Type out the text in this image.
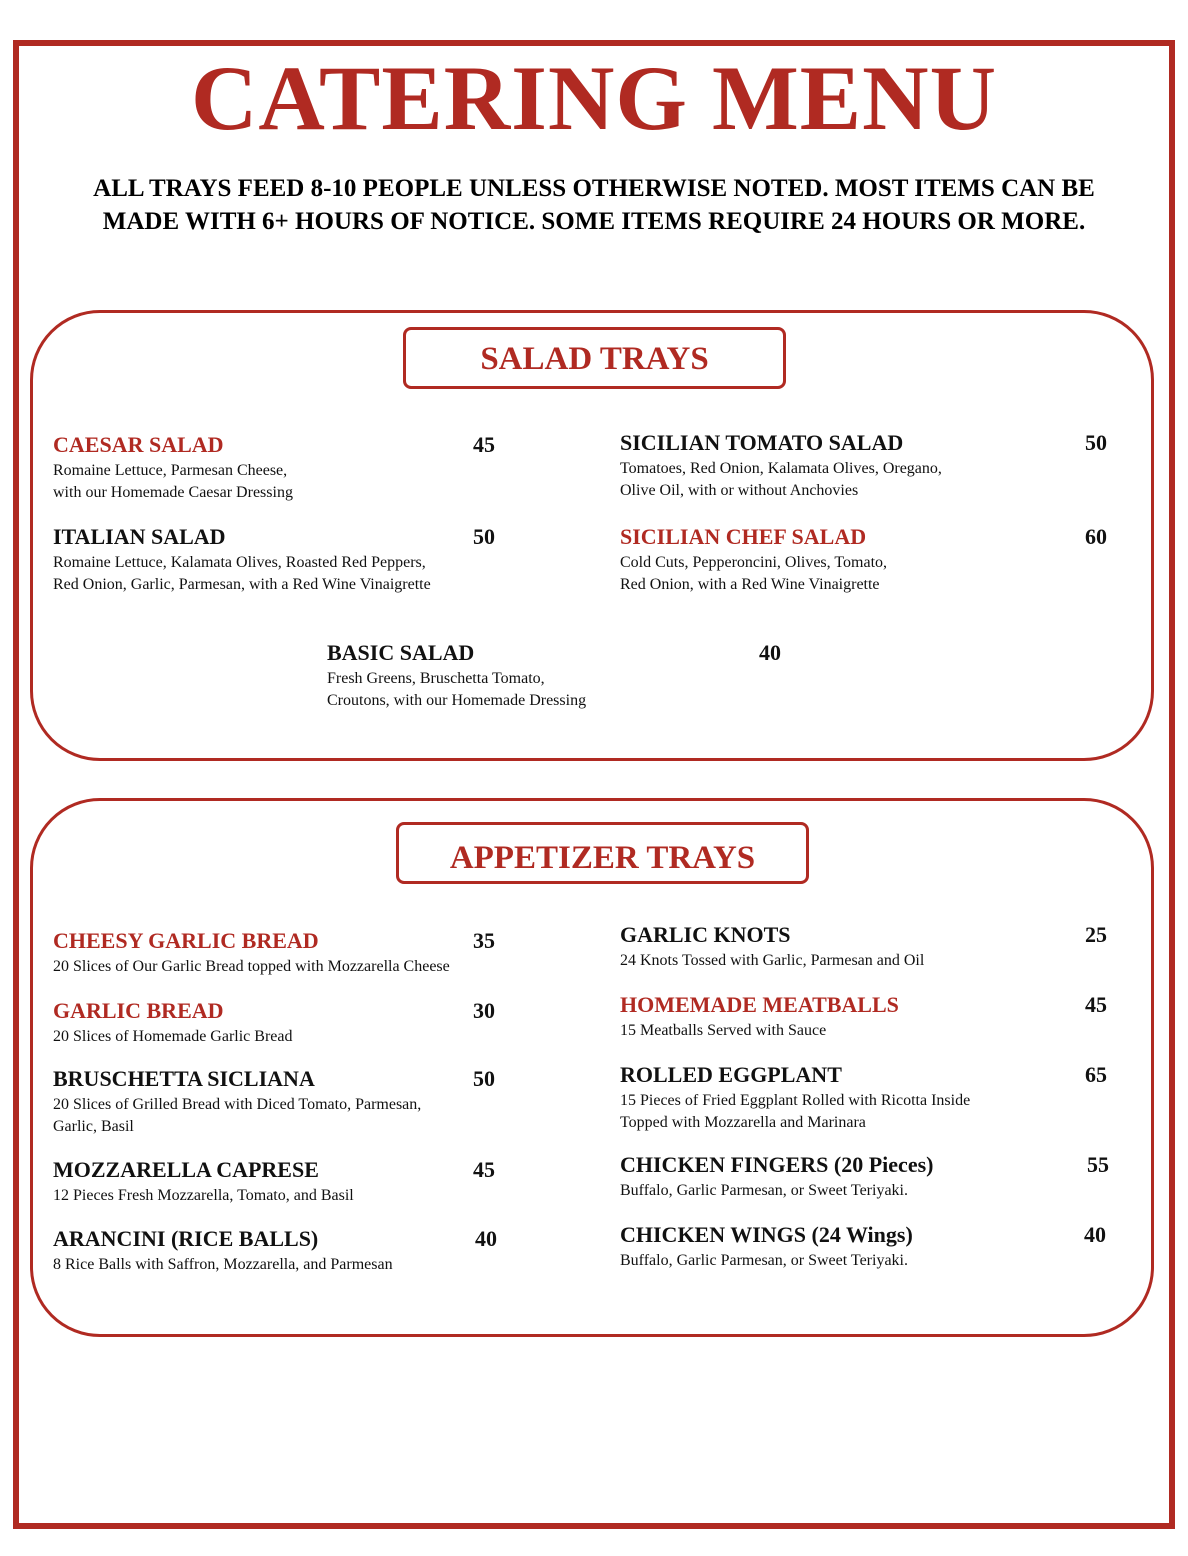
CATERING MENU

ALL TRAYS FEED 8-10 PEOPLE UNLESS OTHERWISE NOTED. MOST ITEMS CAN BE MADE WITH 6+ HOURS OF NOTICE. SOME ITEMS REQUIRE 24 HOURS OR MORE.

SALAD TRAYS
CAESAR SALAD	45
Romaine Lettuce, Parmesan Cheese,
with our Homemade Caesar Dressing
SICILIAN TOMATO SALAD	50
Tomatoes, Red Onion, Kalamata Olives, Oregano,
Olive Oil, with or without Anchovies
ITALIAN SALAD	50
Romaine Lettuce, Kalamata Olives, Roasted Red Peppers,
Red Onion, Garlic, Parmesan, with a Red Wine Vinaigrette
SICILIAN CHEF SALAD	60
Cold Cuts, Pepperoncini, Olives, Tomato,
Red Onion, with a Red Wine Vinaigrette
BASIC SALAD	40
Fresh Greens, Bruschetta Tomato,
Croutons, with our Homemade Dressing
APPETIZER TRAYS
CHEESY GARLIC BREAD	35
20 Slices of Our Garlic Bread topped with Mozzarella Cheese
GARLIC KNOTS	25
24 Knots Tossed with Garlic, Parmesan and Oil
GARLIC BREAD	30
20 Slices of Homemade Garlic Bread
HOMEMADE MEATBALLS	45
15 Meatballs Served with Sauce
BRUSCHETTA SICLIANA	50
20 Slices of Grilled Bread with Diced Tomato, Parmesan,
Garlic, Basil
ROLLED EGGPLANT	65
15 Pieces of Fried Eggplant Rolled with Ricotta Inside
Topped with Mozzarella and Marinara
MOZZARELLA CAPRESE	45
12 Pieces Fresh Mozzarella, Tomato, and Basil
CHICKEN FINGERS (20 Pieces)	55
Buffalo, Garlic Parmesan, or Sweet Teriyaki.
ARANCINI (RICE BALLS)	40
8 Rice Balls with Saffron, Mozzarella, and Parmesan
CHICKEN WINGS (24 Wings)	40
Buffalo, Garlic Parmesan, or Sweet Teriyaki.
